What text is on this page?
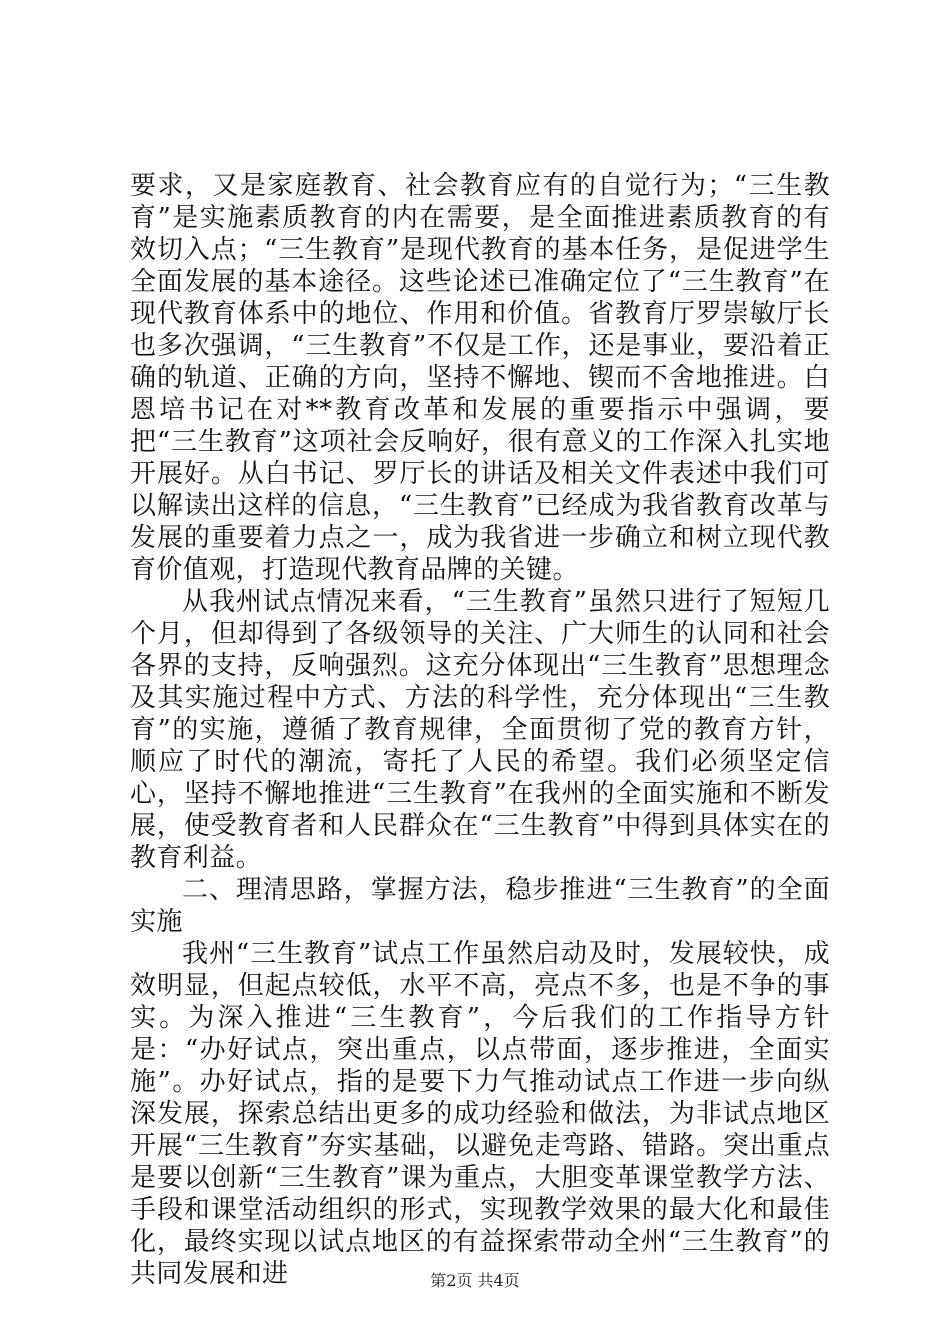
要求，又是家庭教育、社会教育应有的自觉行为；“三生教育”是实施素质教育的内在需要，是全面推进素质教育的有效切入点；“三生教育”是现代教育的基本任务，是促进学生全面发展的基本途径。这些论述已准确定位了“三生教育”在现代教育体系中的地位、作用和价值。省教育厅罗崇敏厅长也多次强调，“三生教育”不仅是工作，还是事业，要沿着正确的轨道、正确的方向，坚持不懈地、锲而不舍地推进。白恩培书记在对**教育改革和发展的重要指示中强调，要把“三生教育”这项社会反响好，很有意义的工作深入扎实地开展好。从白书记、罗厅长的讲话及相关文件表述中我们可以解读出这样的信息，“三生教育”已经成为我省教育改革与发展的重要着力点之一，成为我省进一步确立和树立现代教育价值观，打造现代教育品牌的关键。

从我州试点情况来看，“三生教育”虽然只进行了短短几个月，但却得到了各级领导的关注、广大师生的认同和社会各界的支持，反响强烈。这充分体现出“三生教育”思想理念及其实施过程中方式、方法的科学性，充分体现出“三生教育”的实施，遵循了教育规律，全面贯彻了党的教育方针，顺应了时代的潮流，寄托了人民的希望。我们必须坚定信心，坚持不懈地推进“三生教育”在我州的全面实施和不断发展，使受教育者和人民群众在“三生教育”中得到具体实在的教育利益。

二、理清思路，掌握方法，稳步推进“三生教育”的全面实施

我州“三生教育”试点工作虽然启动及时，发展较快，成效明显，但起点较低，水平不高，亮点不多，也是不争的事实。为深入推进“三生教育”，今后我们的工作指导方针是：“办好试点，突出重点，以点带面，逐步推进，全面实施”。办好试点，指的是要下力气推动试点工作进一步向纵深发展，探索总结出更多的成功经验和做法，为非试点地区开展“三生教育”夯实基础，以避免走弯路、错路。突出重点是要以创新“三生教育”课为重点，大胆变革课堂教学方法、手段和课堂活动组织的形式，实现教学效果的最大化和最佳化，最终实现以试点地区的有益探索带动全州“三生教育”的共同发展和进	第2页 共4页
